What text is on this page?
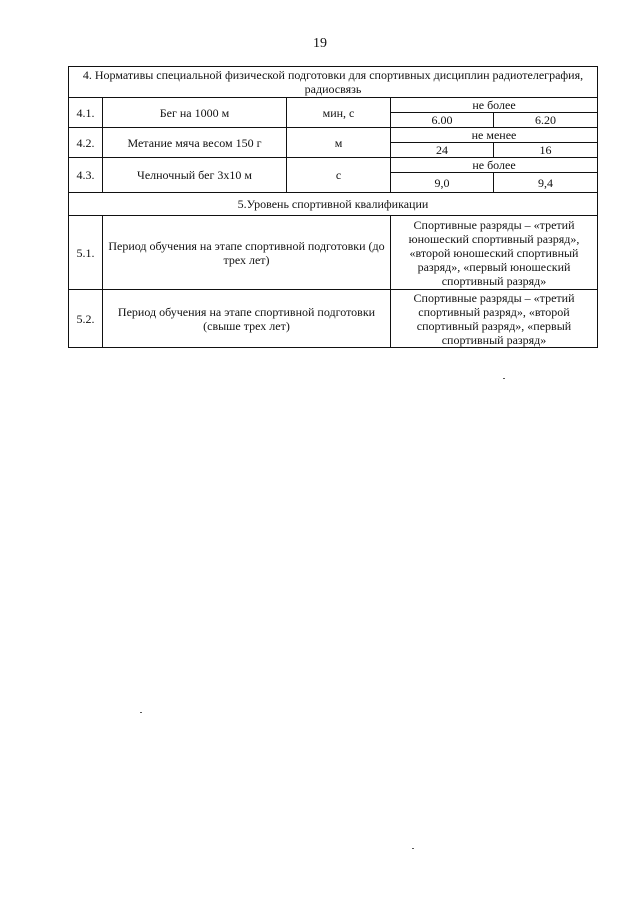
19
4. Нормативы специальной физической подготовки для спортивных дисциплин радиотелеграфия, радиосвязь				
4.1.	Бег на 1000 м	мин, с	не более	
			6.00	6.20
4.2.	Метание мяча весом 150 г	м	не менее	
			24	16
4.3.	Челночный бег 3x10 м	с	не более	
			9,0	9,4
5.Уровень спортивной квалификации				
5.1.	Период обучения на этапе спортивной подготовки (до трех лет)		Спортивные разряды – «третий юношеский спортивный разряд», «второй юношеский спортивный разряд», «первый юношеский спортивный разряд»	
5.2.	Период обучения на этапе спортивной подготовки (свыше трех лет)		Спортивные разряды – «третий спортивный разряд», «второй спортивный разряд», «первый спортивный разряд»	
